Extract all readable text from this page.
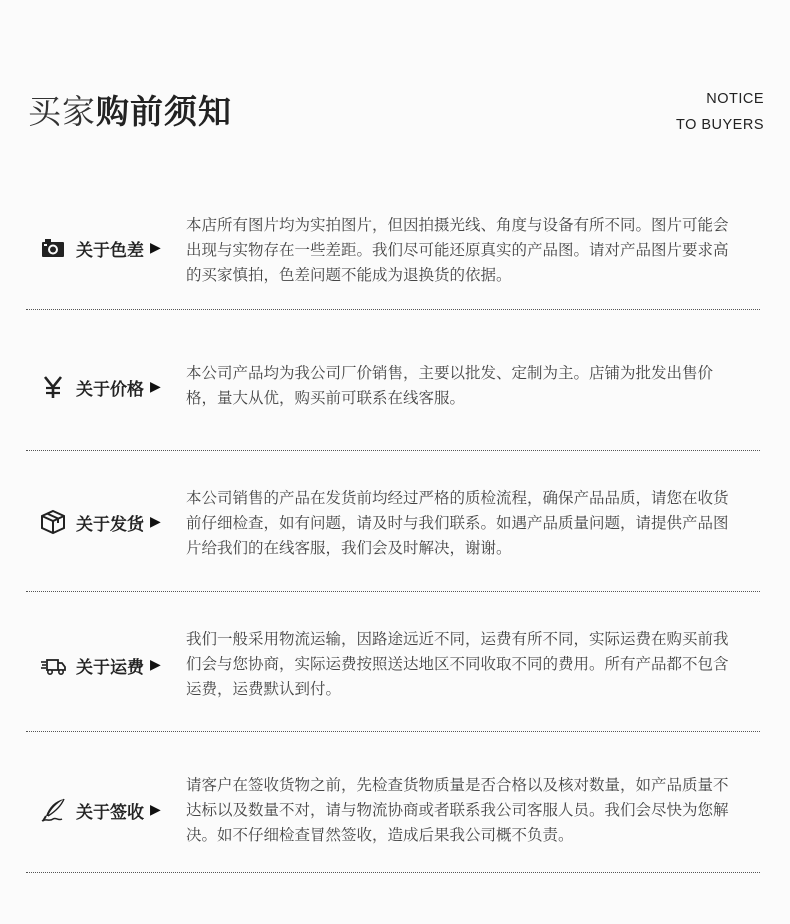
买家购前须知	NOTICE
TO BUYERS
关于色差 ▶
本店所有图片均为实拍图片，但因拍摄光线、角度与设备有所不同。图片可能会出现与实物存在一些差距。我们尽可能还原真实的产品图。请对产品图片要求高的买家慎拍，色差问题不能成为退换货的依据。
关于价格 ▶
本公司产品均为我公司厂价销售，主要以批发、定制为主。店铺为批发出售价格，量大从优，购买前可联系在线客服。
关于发货 ▶
本公司销售的产品在发货前均经过严格的质检流程，确保产品品质，请您在收货前仔细检查，如有问题，请及时与我们联系。如遇产品质量问题，请提供产品图片给我们的在线客服，我们会及时解决，谢谢。
关于运费 ▶
我们一般采用物流运输，因路途远近不同，运费有所不同，实际运费在购买前我们会与您协商，实际运费按照送达地区不同收取不同的费用。所有产品都不包含运费，运费默认到付。
关于签收 ▶
请客户在签收货物之前，先检查货物质量是否合格以及核对数量，如产品质量不达标以及数量不对，请与物流协商或者联系我公司客服人员。我们会尽快为您解决。如不仔细检查冒然签收，造成后果我公司概不负责。
